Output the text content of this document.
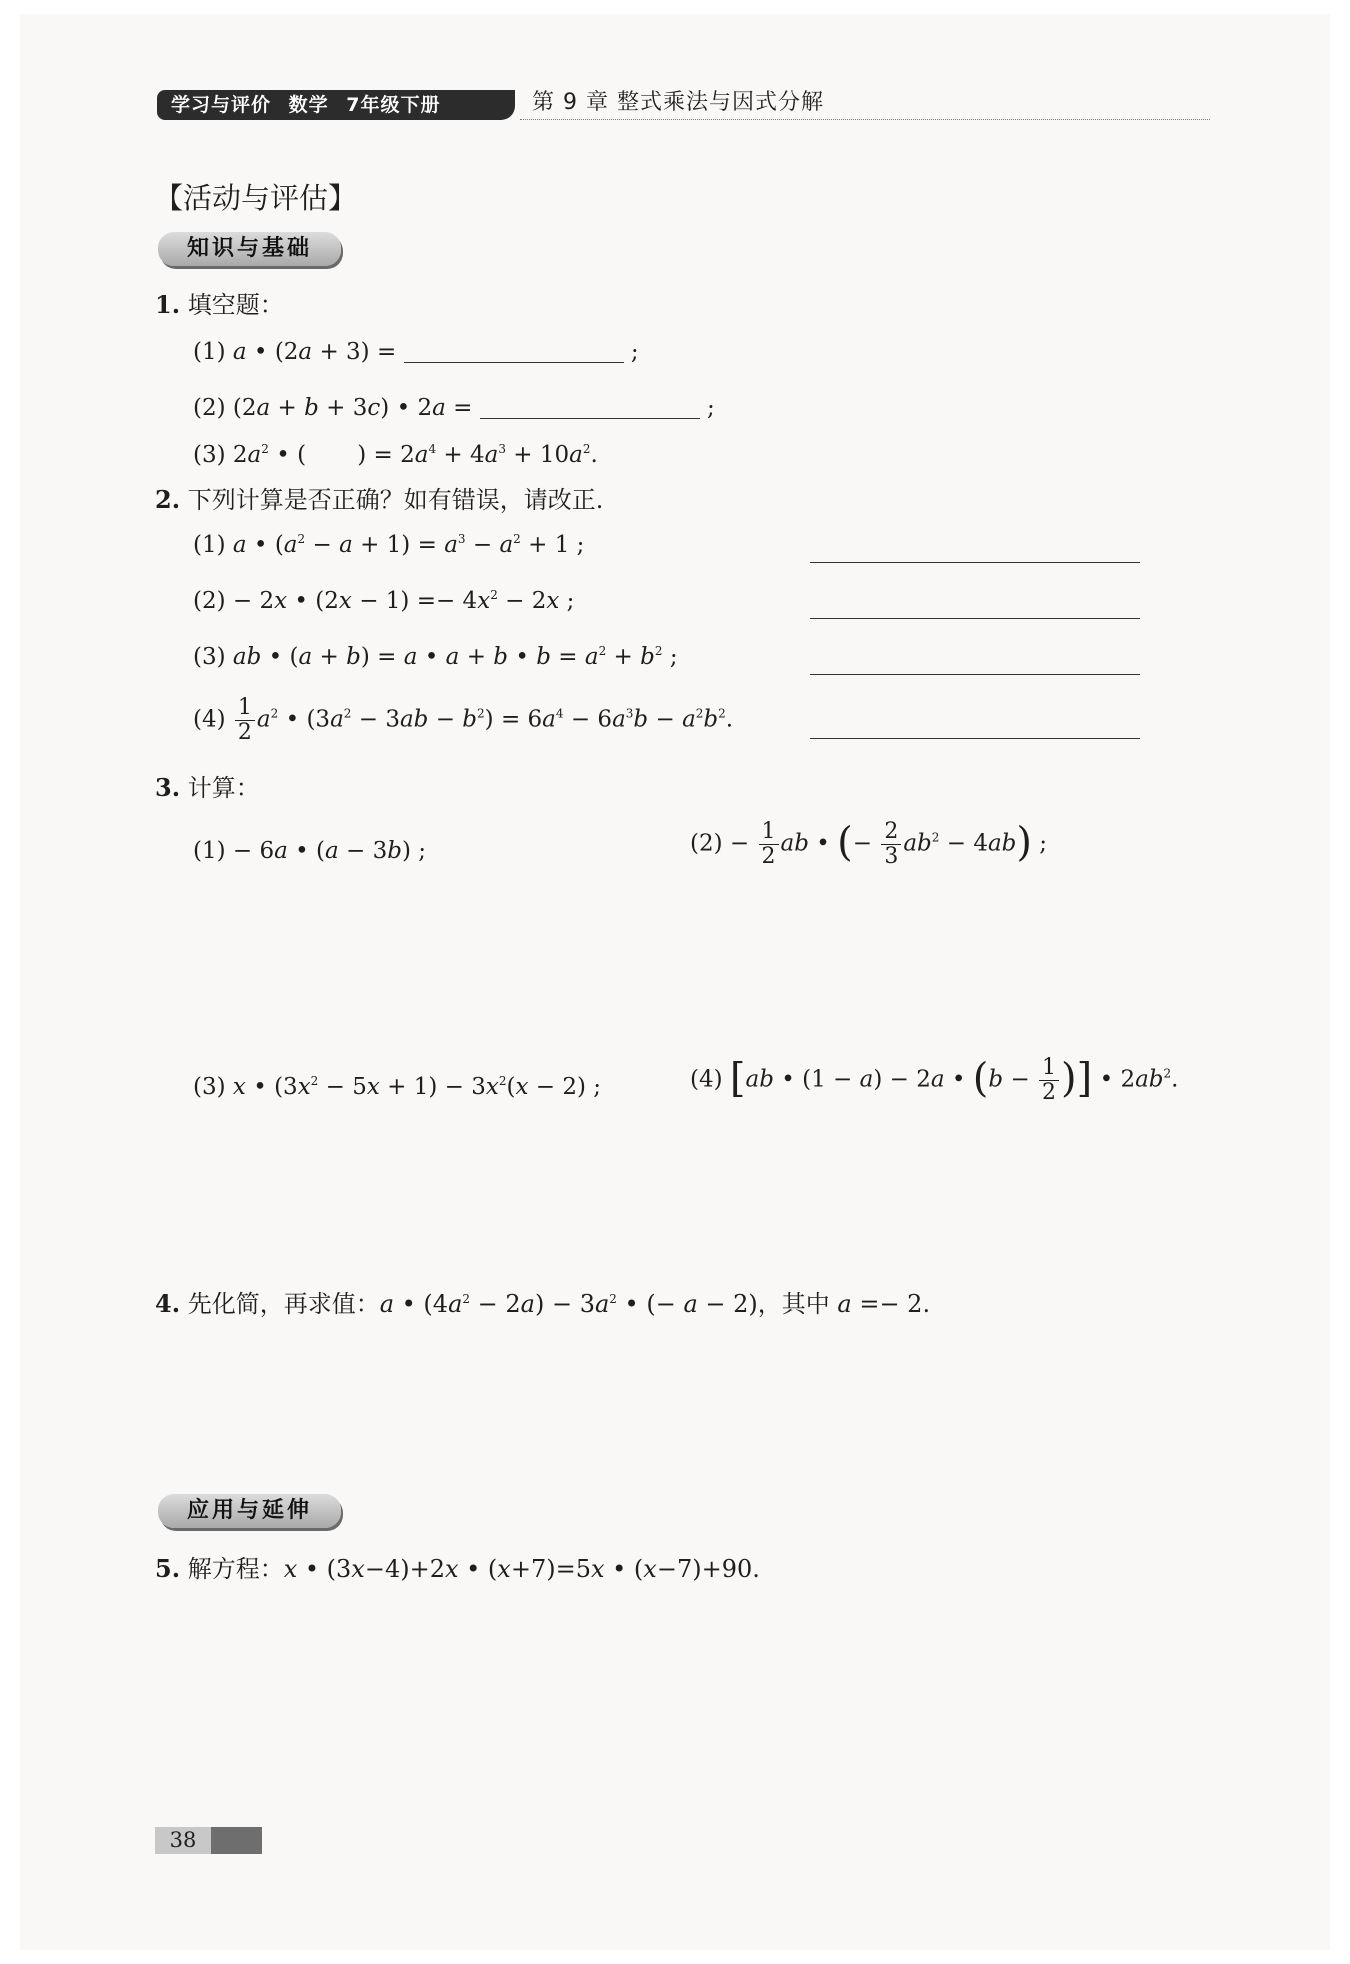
学习与评价 数学 7年级下册	第 9 章 整式乘法与因式分解
【活动与评估】
知识与基础
1. 填空题：
(1) a • (2a + 3) =	;
(2) (2a + b + 3c) • 2a =	;
(3) $2a^2$ • (       ) = $2a^4 + 4a^3 + 10a^2$.
2. 下列计算是否正确？如有错误，请改正.
(1) a • $(a^2 - a + 1) = a^3 - a^2 + 1$ ;
(2) − 2x • $(2x - 1) =- 4x^2 - 2x$ ;
(3) ab • (a + b) = a • a + b • $b = a^2 + b^2$ ;
$(4) \frac{1}{2} a^2$ • $(3a^2 - 3ab - b^2) = 6a^4 - 6a^3b - a^2b^2$.
3. 计算：
(1) − 6a • (a − 3b) ;	$(2) - \frac{1}{2}$ ab • (− $\frac{2}{3} ab^2 - 4ab$) ;
(3) x • $(3x^2 - 5x + 1) - 3x^2(x - 2)$ ;	(4) [ab • (1 − a) − 2a • ($b - \frac{1}{2}$ )] • $2ab^2$.
4. 先化简，再求值：a • $(4a^2 - 2a) - 3a^2$ • (− a − 2)，其中 a =− 2.
应用与延伸
5. 解方程：x • (3x−4)+2x • (x+7)=5x • (x−7)+90.
38
